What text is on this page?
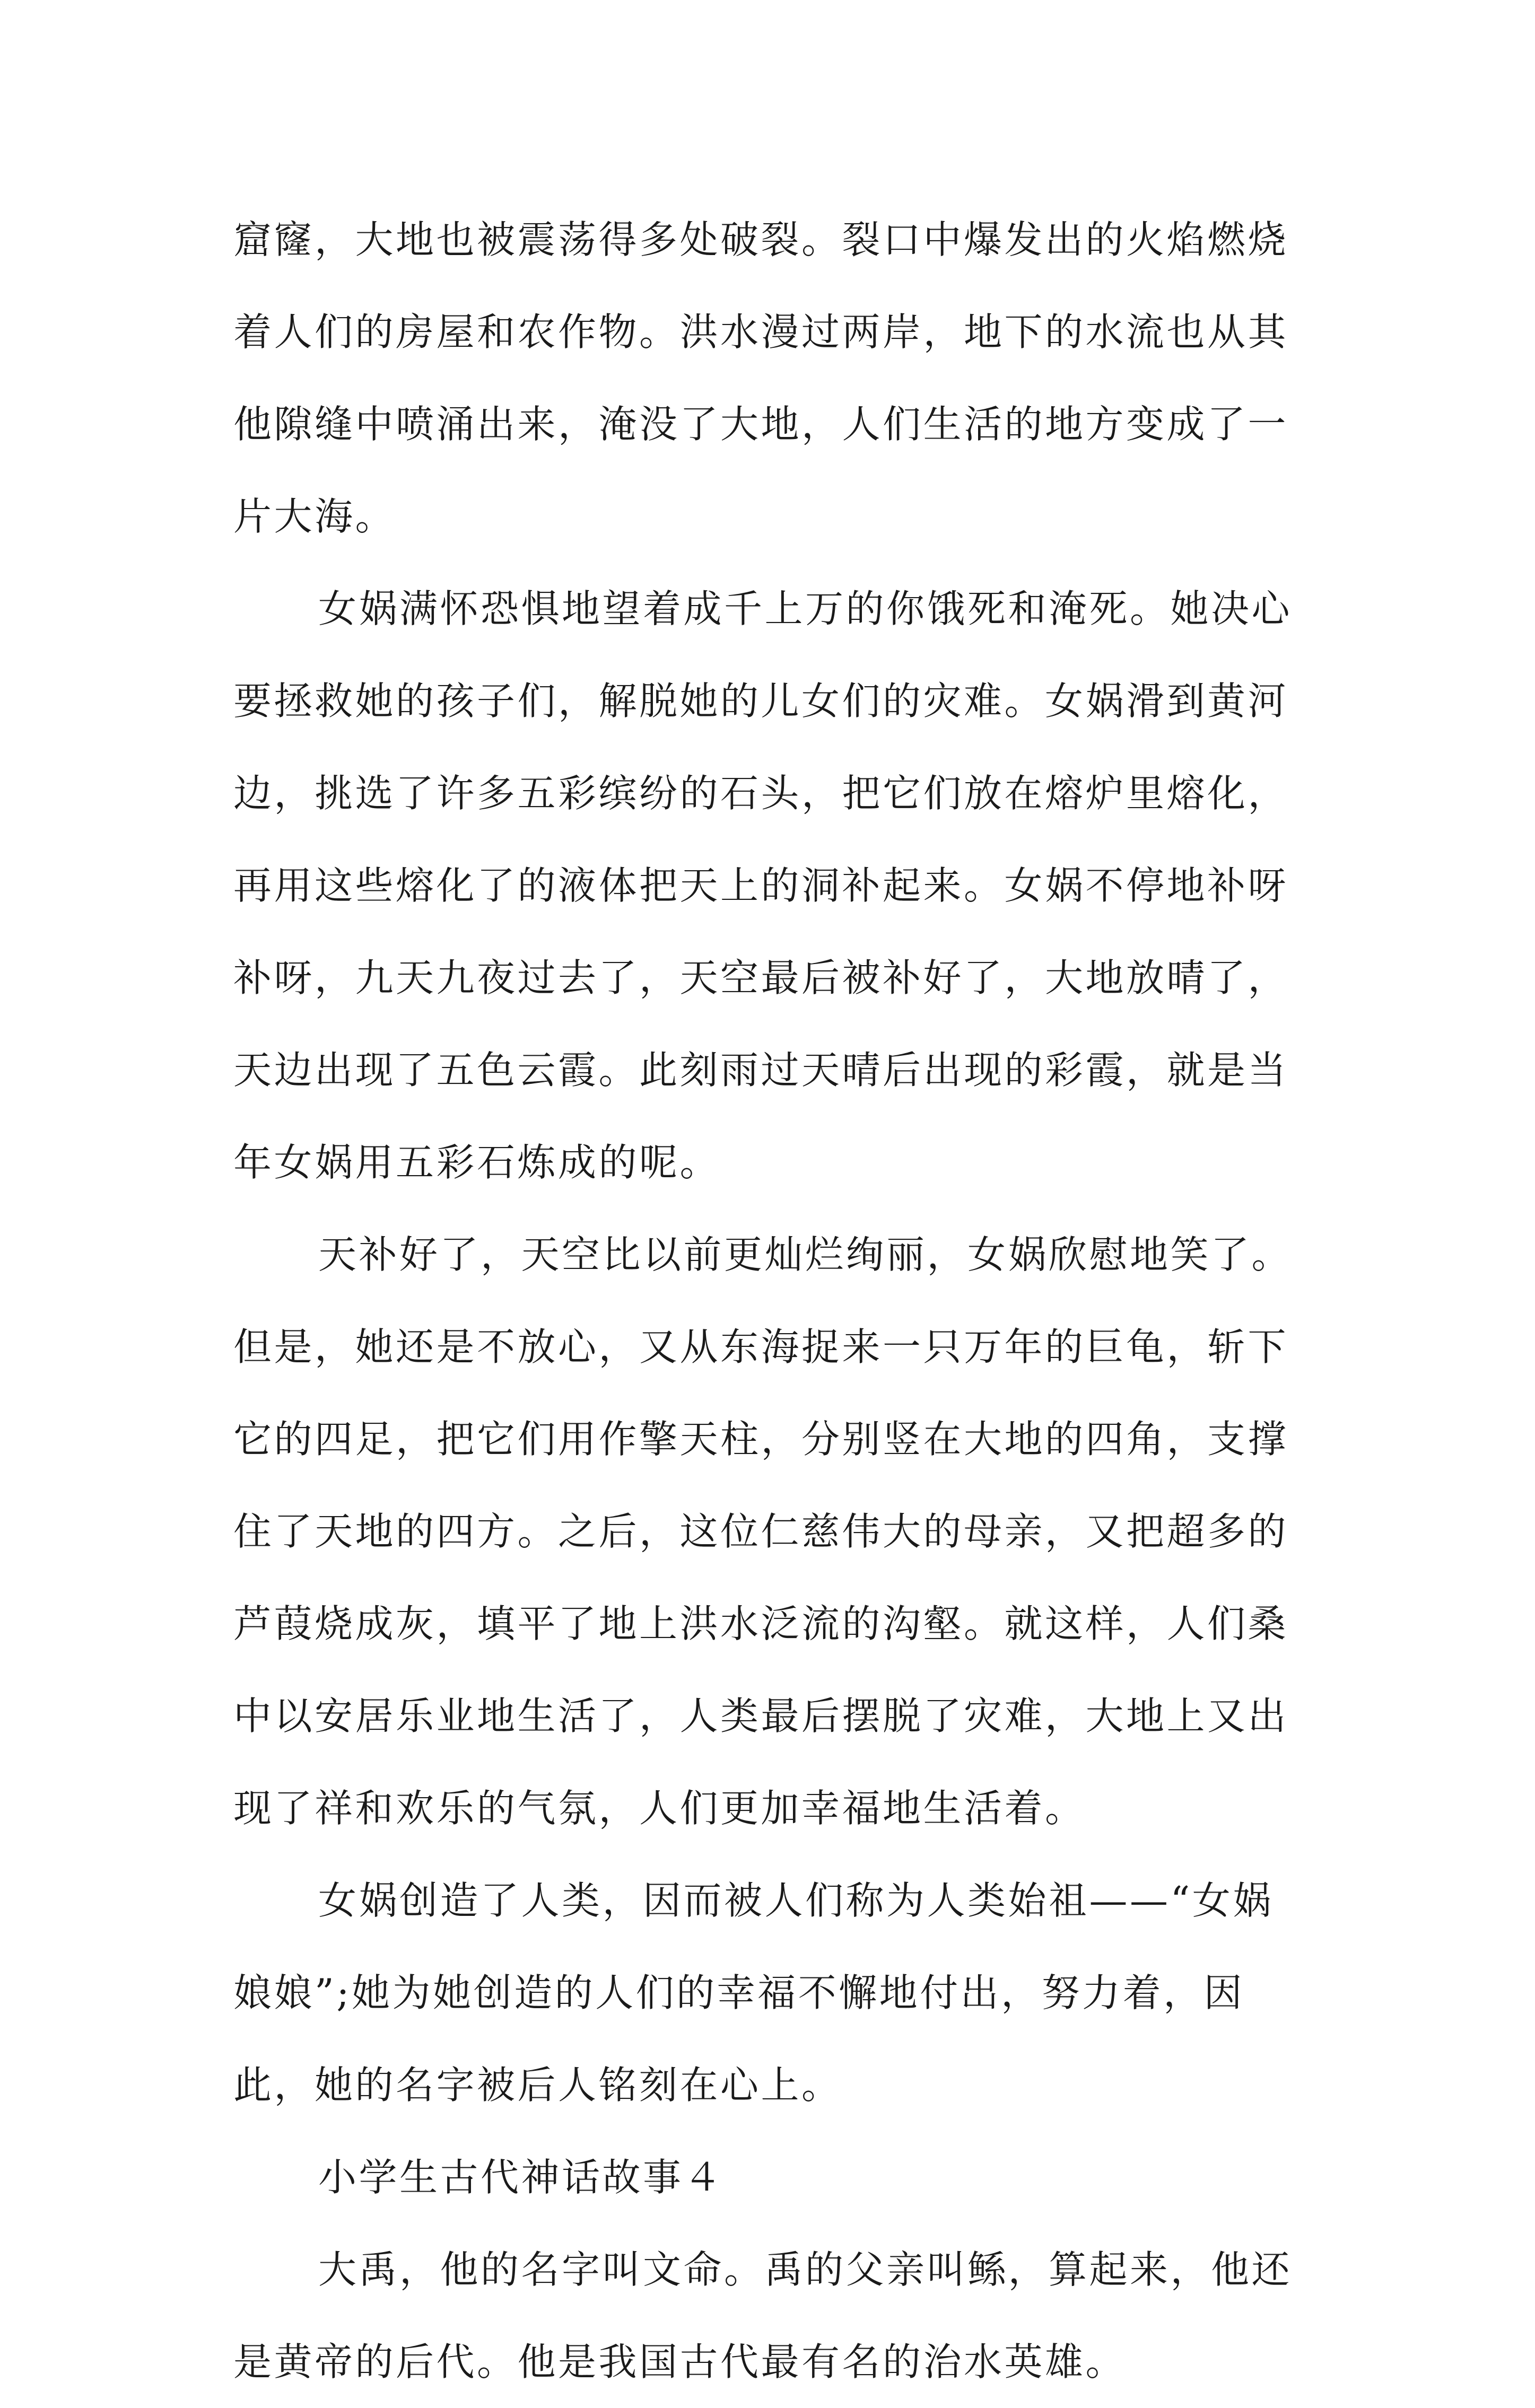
窟窿，大地也被震荡得多处破裂。裂口中爆发出的火焰燃烧
着人们的房屋和农作物。洪水漫过两岸，地下的水流也从其
他隙缝中喷涌出来，淹没了大地，人们生活的地方变成了一
片大海。
女娲满怀恐惧地望着成千上万的你饿死和淹死。她决心
要拯救她的孩子们，解脱她的儿女们的灾难。女娲滑到黄河
边，挑选了许多五彩缤纷的石头，把它们放在熔炉里熔化，
再用这些熔化了的液体把天上的洞补起来。女娲不停地补呀
补呀，九天九夜过去了，天空最后被补好了，大地放晴了，
天边出现了五色云霞。此刻雨过天晴后出现的彩霞，就是当
年女娲用五彩石炼成的呢。
天补好了，天空比以前更灿烂绚丽，女娲欣慰地笑了。
但是，她还是不放心，又从东海捉来一只万年的巨龟，斩下
它的四足，把它们用作擎天柱，分别竖在大地的四角，支撑
住了天地的四方。之后，这位仁慈伟大的母亲，又把超多的
芦葭烧成灰，填平了地上洪水泛流的沟壑。就这样，人们桑
中以安居乐业地生活了，人类最后摆脱了灾难，大地上又出
现了祥和欢乐的气氛，人们更加幸福地生活着。
女娲创造了人类，因而被人们称为人类始祖——“女娲
娘娘”;她为她创造的人们的幸福不懈地付出，努力着，因
此，她的名字被后人铭刻在心上。
小学生古代神话故事４
大禹，他的名字叫文命。禹的父亲叫鲧，算起来，他还
是黄帝的后代。他是我国古代最有名的治水英雄。
